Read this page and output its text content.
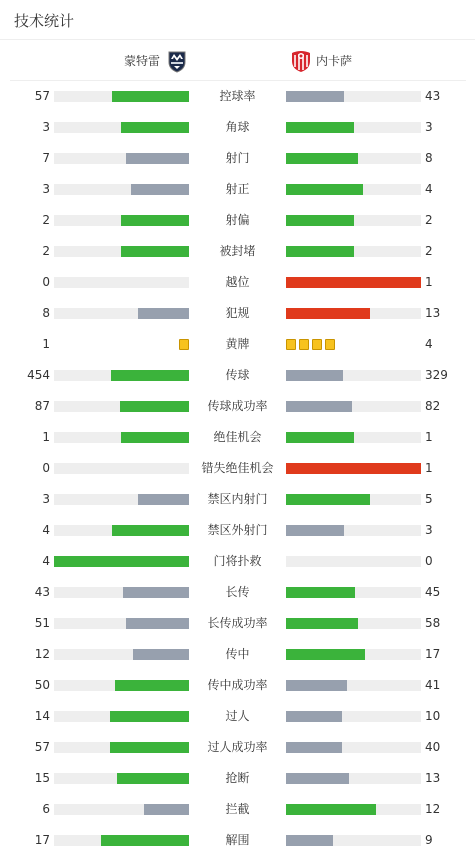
技术统计
蒙特雷	内卡萨
57	控球率	43
3	角球	3
7	射门	8
3	射正	4
2	射偏	2
2	被封堵	2
0	越位	1
8	犯规	13
1	黄牌	4
454	传球	329
87	传球成功率	82
1	绝佳机会	1
0	错失绝佳机会	1
3	禁区内射门	5
4	禁区外射门	3
4	门将扑救	0
43	长传	45
51	长传成功率	58
12	传中	17
50	传中成功率	41
14	过人	10
57	过人成功率	40
15	抢断	13
6	拦截	12
17	解围	9
